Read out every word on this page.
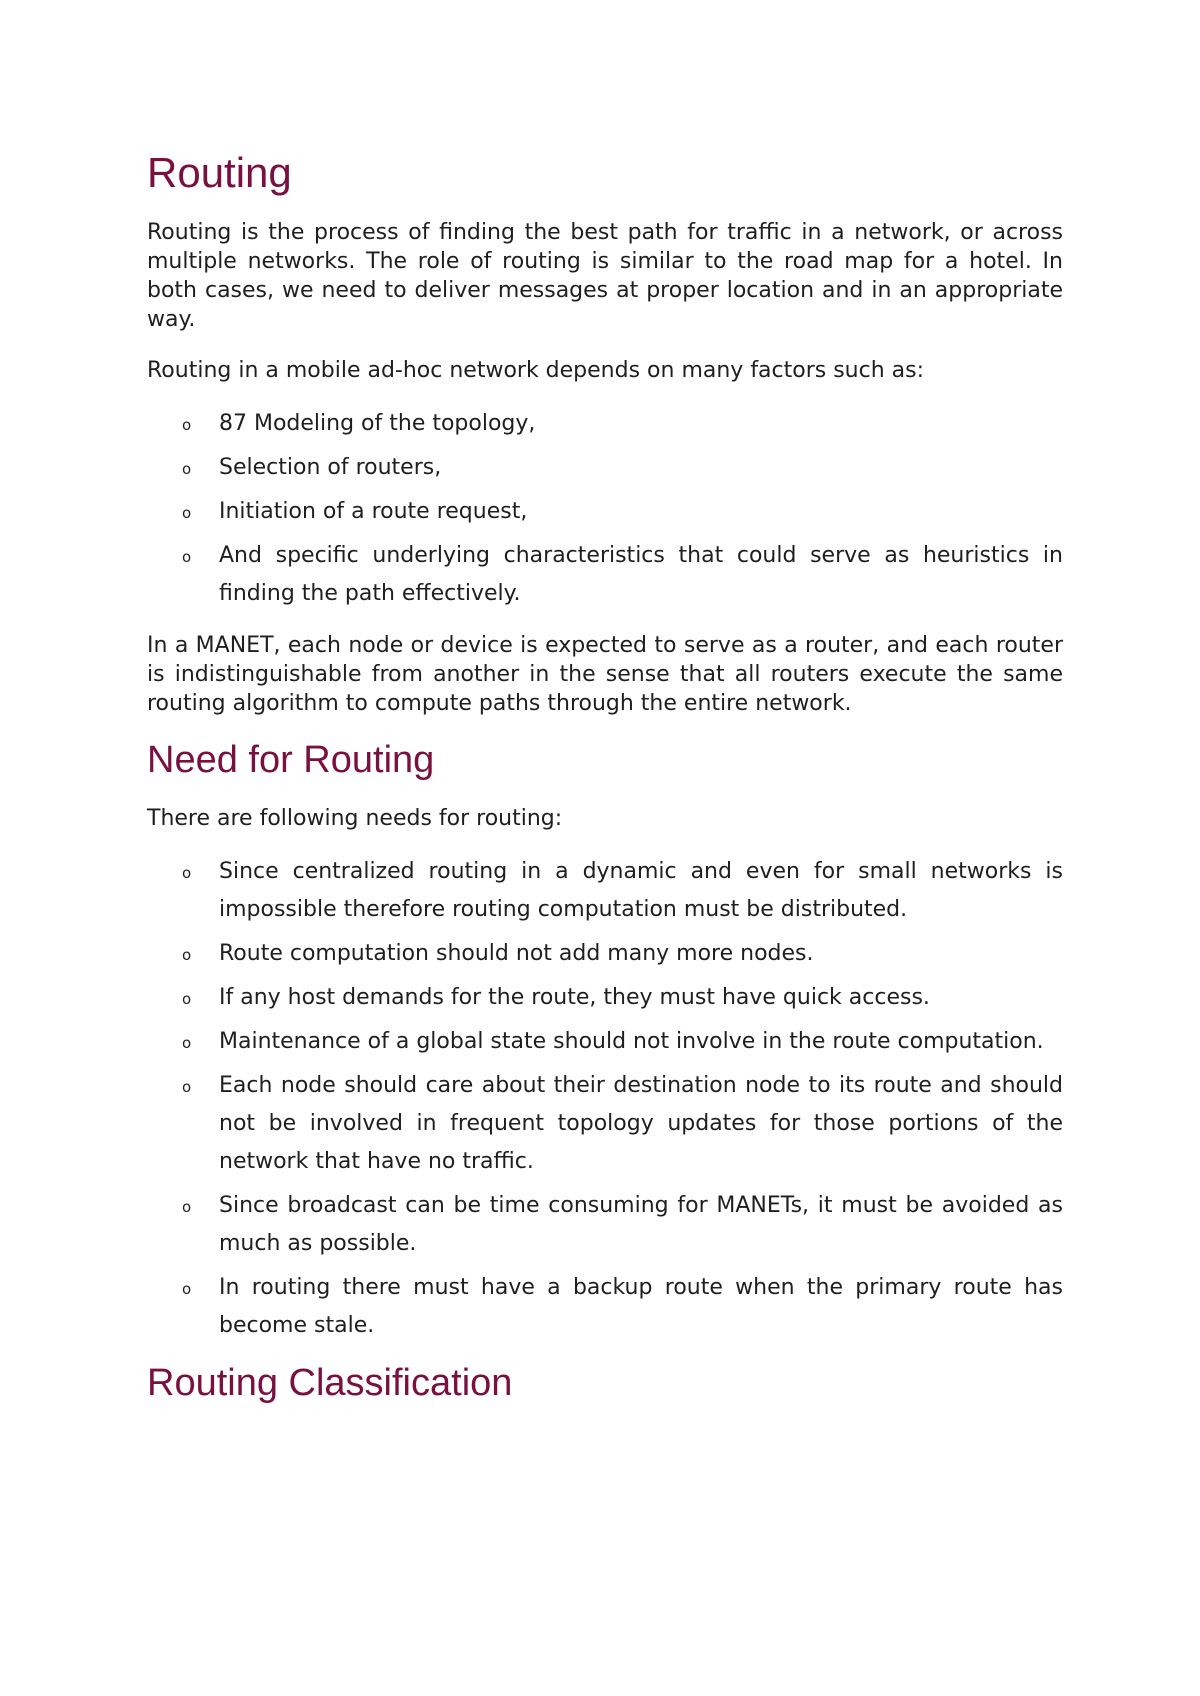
Routing

Routing is the process of finding the best path for traffic in a network, or across multiple networks. The role of routing is similar to the road map for a hotel. In both cases, we need to deliver messages at proper location and in an appropriate way.

Routing in a mobile ad-hoc network depends on many factors such as:

o 87 Modeling of the topology,
o Selection of routers,
o Initiation of a route request,
o And specific underlying characteristics that could serve as heuristics in finding the path effectively.

In a MANET, each node or device is expected to serve as a router, and each router is indistinguishable from another in the sense that all routers execute the same routing algorithm to compute paths through the entire network.

Need for Routing

There are following needs for routing:

o Since centralized routing in a dynamic and even for small networks is impossible therefore routing computation must be distributed.
o Route computation should not add many more nodes.
o If any host demands for the route, they must have quick access.
o Maintenance of a global state should not involve in the route computation.
o Each node should care about their destination node to its route and should not be involved in frequent topology updates for those portions of the network that have no traffic.
o Since broadcast can be time consuming for MANETs, it must be avoided as much as possible.
o In routing there must have a backup route when the primary route has become stale.
Routing Classification
